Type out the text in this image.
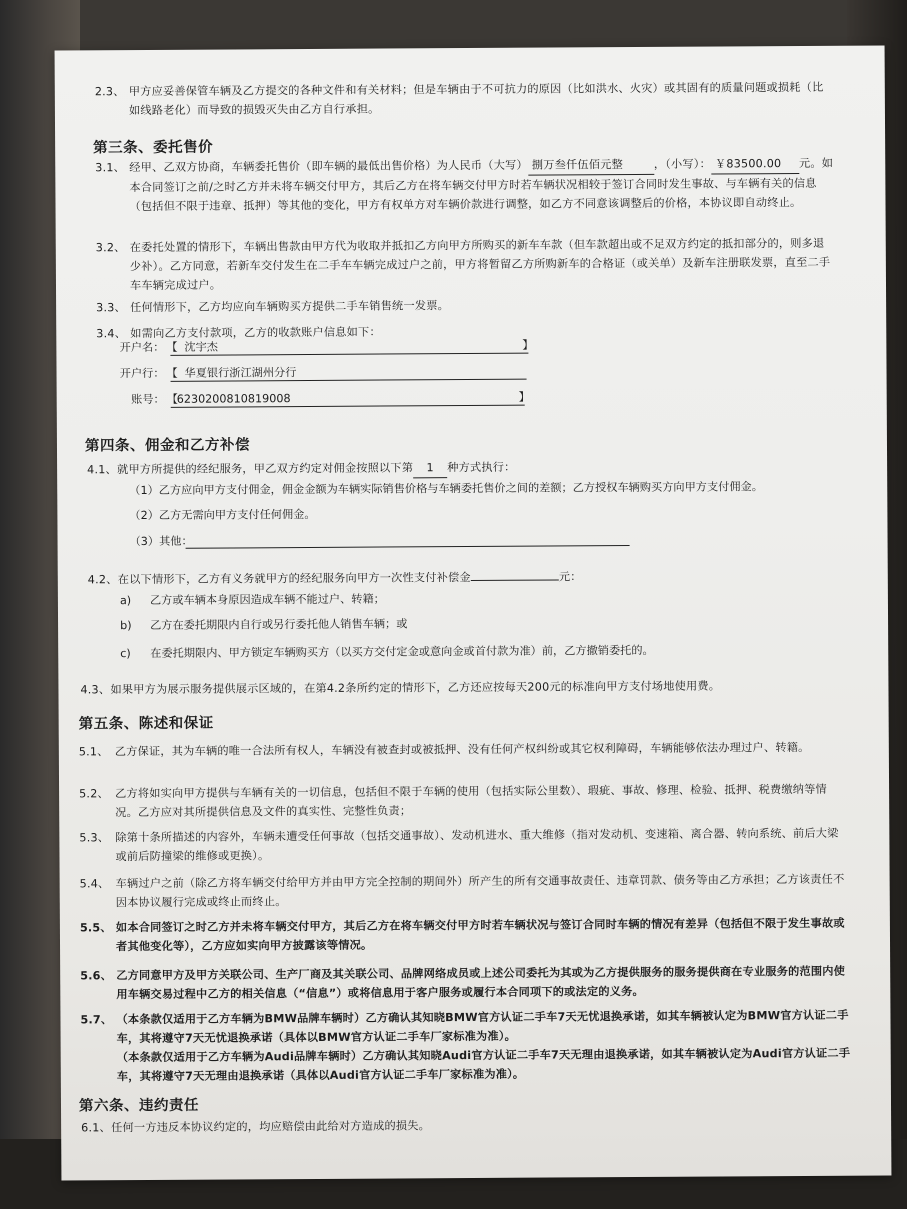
2.3、 甲方应妥善保管车辆及乙方提交的各种文件和有关材料；但是车辆由于不可抗力的原因（比如洪水、火灾）或其固有的质量问题或损耗（比如线路老化）而导致的损毁灭失由乙方自行承担。
第三条、委托售价
3.1、 经甲、乙双方协商，车辆委托售价（即车辆的最低出售价格）为人民币（大写） 捌万叁仟伍佰元整	，（小写）： ￥83500.00 元。如本合同签订之前/之时乙方并未将车辆交付甲方，其后乙方在将车辆交付甲方时若车辆状况相较于签订合同时发生事故、与车辆有关的信息（包括但不限于违章、抵押）等其他的变化，甲方有权单方对车辆价款进行调整，如乙方不同意该调整后的价格，本协议即自动终止。
3.2、 在委托处置的情形下，车辆出售款由甲方代为收取并抵扣乙方向甲方所购买的新车车款（但车款超出或不足双方约定的抵扣部分的，则多退少补）。乙方同意，若新车交付发生在二手车车辆完成过户之前，甲方将暂留乙方所购新车的合格证（或关单）及新车注册联发票，直至二手车车辆完成过户。
3.3、 任何情形下，乙方均应向车辆购买方提供二手车销售统一发票。
3.4、 如需向乙方支付款项，乙方的收款账户信息如下：
开户名： 【 沈宇杰	】
开户行： 【 华夏银行浙江湖州分行
账号： 【
6230200810819008	】
第四条、佣金和乙方补偿
4.1、 就甲方所提供的经纪服务，甲乙双方约定对佣金按照以下第 1 种方式执行：
（1）乙方应向甲方支付佣金，佣金金额为车辆实际销售价格与车辆委托售价之间的差额；乙方授权车辆购买方向甲方支付佣金。
（2）乙方无需向甲方支付任何佣金。
（3）其他：
4.2、 在以下情形下，乙方有义务就甲方的经纪服务向甲方一次性支付补偿金	元：
a) 乙方或车辆本身原因造成车辆不能过户、转籍；
b) 乙方在委托期限内自行或另行委托他人销售车辆；或
c) 在委托期限内、甲方锁定车辆购买方（以买方交付定金或意向金或首付款为准）前，乙方撤销委托的。
4.3、 如果甲方为展示服务提供展示区域的，在第4.2条所约定的情形下，乙方还应按每天200元的标准向甲方支付场地使用费。
第五条、陈述和保证
5.1、 乙方保证，其为车辆的唯一合法所有权人，车辆没有被查封或被抵押、没有任何产权纠纷或其它权利障碍，车辆能够依法办理过户、转籍。
5.2、 乙方将如实向甲方提供与车辆有关的一切信息，包括但不限于车辆的使用（包括实际公里数）、瑕疵、事故、修理、检验、抵押、税费缴纳等情况。乙方应对其所提供信息及文件的真实性、完整性负责；
5.3、 除第十条所描述的内容外，车辆未遭受任何事故（包括交通事故）、发动机进水、重大维修（指对发动机、变速箱、离合器、转向系统、前后大梁或前后防撞梁的维修或更换）。
5.4、 车辆过户之前（除乙方将车辆交付给甲方并由甲方完全控制的期间外）所产生的所有交通事故责任、违章罚款、债务等由乙方承担；乙方该责任不因本协议履行完成或终止而终止。
5.5、 如本合同签订之时乙方并未将车辆交付甲方，其后乙方在将车辆交付甲方时若车辆状况与签订合同时车辆的情况有差异（包括但不限于发生事故或者其他变化等），乙方应如实向甲方披露该等情况。
5.6、 乙方同意甲方及甲方关联公司、生产厂商及其关联公司、品牌网络成员或上述公司委托为其或为乙方提供服务的服务提供商在专业服务的范围内使用车辆交易过程中乙方的相关信息（“信息”）或将信息用于客户服务或履行本合同项下的或法定的义务。
5.7、 （本条款仅适用于乙方车辆为BMW品牌车辆时）乙方确认其知晓BMW官方认证二手车7天无忧退换承诺，如其车辆被认定为BMW官方认证二手车，其将遵守7天无忧退换承诺（具体以BMW官方认证二手车厂家标准为准）。
（本条款仅适用于乙方车辆为Audi品牌车辆时）乙方确认其知晓Audi官方认证二手车7天无理由退换承诺，如其车辆被认定为Audi官方认证二手车，其将遵守7天无理由退换承诺（具体以Audi官方认证二手车厂家标准为准）。
第六条、违约责任
6.1、 任何一方违反本协议约定的，均应赔偿由此给对方造成的损失。
